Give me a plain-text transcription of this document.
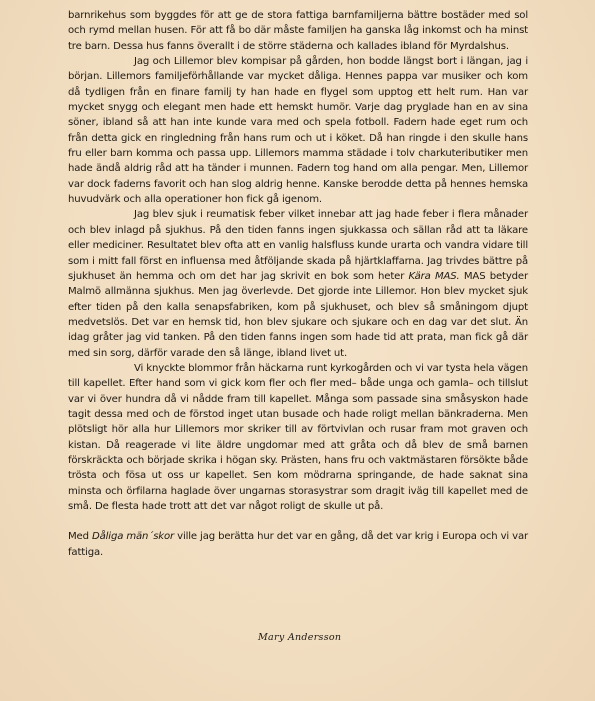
barnrikehus som byggdes för att ge de stora fattiga barnfamiljerna bättre bostäder med sol och rymd mellan husen. För att få bo där måste familjen ha ganska låg inkomst och ha minst tre barn. Dessa hus fanns överallt i de större städerna och kallades ibland för Myrdalshus.

Jag och Lillemor blev kompisar på gården, hon bodde längst bort i längan, jag i början. Lillemors familjeförhållande var mycket dåliga. Hennes pappa var musiker och kom då tydligen från en finare familj ty han hade en flygel som upptog ett helt rum. Han var mycket snygg och elegant men hade ett hemskt humör. Varje dag pryglade han en av sina söner, ibland så att han inte kunde vara med och spela fotboll. Fadern hade eget rum och från detta gick en ringledning från hans rum och ut i köket. Då han ringde i den skulle hans fru eller barn komma och passa upp. Lillemors mamma städade i tolv charkuteributiker men hade ändå aldrig råd att ha tänder i munnen. Fadern tog hand om alla pengar. Men, Lillemor var dock faderns favorit och han slog aldrig henne. Kanske berodde detta på hennes hemska huvudvärk och alla operationer hon fick gå igenom.

Jag blev sjuk i reumatisk feber vilket innebar att jag hade feber i flera månader och blev inlagd på sjukhus. På den tiden fanns ingen sjukkassa och sällan råd att ta läkare eller mediciner. Resultatet blev ofta att en vanlig halsfluss kunde urarta och vandra vidare till som i mitt fall först en influensa med åtföljande skada på hjärtklaffarna. Jag trivdes bättre på sjukhuset än hemma och om det har jag skrivit en bok som heter Kära MAS. MAS betyder Malmö allmänna sjukhus. Men jag överlevde. Det gjorde inte Lillemor. Hon blev mycket sjuk efter tiden på den kalla senapsfabriken, kom på sjukhuset, och blev så småningom djupt medvetslös. Det var en hemsk tid, hon blev sjukare och sjukare och en dag var det slut. Än idag gråter jag vid tanken. På den tiden fanns ingen som hade tid att prata, man fick gå där med sin sorg, därför varade den så länge, ibland livet ut.

Vi knyckte blommor från häckarna runt kyrkogården och vi var tysta hela vägen till kapellet. Efter hand som vi gick kom fler och fler med– både unga och gamla– och tillslut var vi över hundra då vi nådde fram till kapellet. Många som passade sina småsyskon hade tagit dessa med och de förstod inget utan busade och hade roligt mellan bänkraderna. Men plötsligt hör alla hur Lillemors mor skriker till av förtvivlan och rusar fram mot graven och kistan. Då reagerade vi lite äldre ungdomar med att gråta och då blev de små barnen förskräckta och började skrika i högan sky. Prästen, hans fru och vaktmästaren försökte både trösta och fösa ut oss ur kapellet. Sen kom mödrarna springande, de hade saknat sina minsta och örfilarna haglade över ungarnas storasystrar som dragit iväg till kapellet med de små. De flesta hade trott att det var något roligt de skulle ut på.

Med Dåliga män´skor ville jag berätta hur det var en gång, då det var krig i Europa och vi var fattiga.

Mary Andersson
